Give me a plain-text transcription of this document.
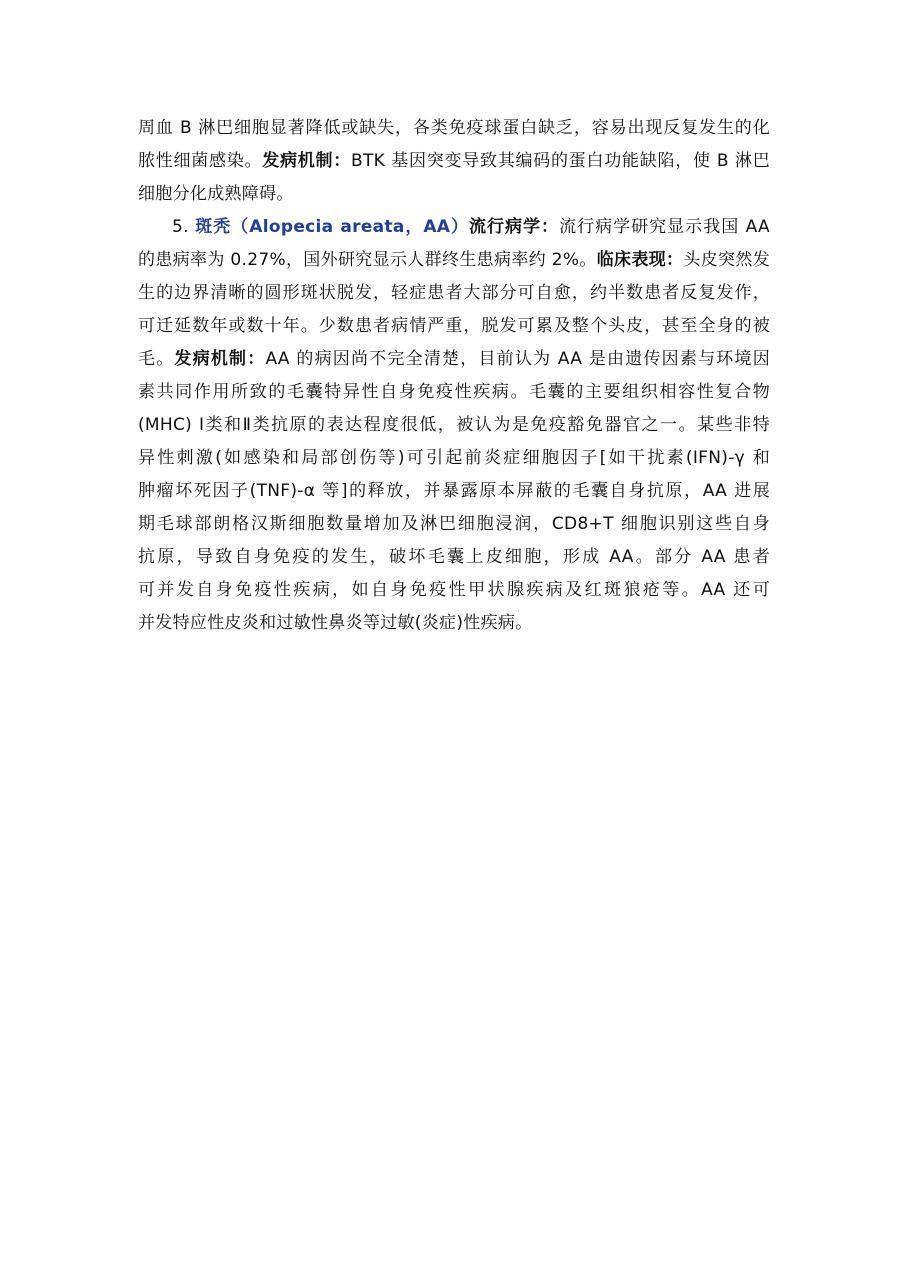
周血 B 淋巴细胞显著降低或缺失，各类免疫球蛋白缺乏，容易出现反复发生的化
脓性细菌感染。发病机制：BTK 基因突变导致其编码的蛋白功能缺陷，使 B 淋巴
细胞分化成熟障碍。
5. 斑秃（Alopecia areata，AA）流行病学：流行病学研究显示我国 AA
的患病率为 0.27%，国外研究显示人群终生患病率约 2%。临床表现：头皮突然发
生的边界清晰的圆形斑状脱发，轻症患者大部分可自愈，约半数患者反复发作，
可迁延数年或数十年。少数患者病情严重，脱发可累及整个头皮，甚至全身的被
毛。发病机制：AA 的病因尚不完全清楚，目前认为 AA 是由遗传因素与环境因
素共同作用所致的毛囊特异性自身免疫性疾病。毛囊的主要组织相容性复合物
(MHC) Ⅰ类和Ⅱ类抗原的表达程度很低，被认为是免疫豁免器官之一。某些非特
异性刺激(如感染和局部创伤等)可引起前炎症细胞因子[如干扰素(IFN)-γ 和
肿瘤坏死因子(TNF)-α 等]的释放，并暴露原本屏蔽的毛囊自身抗原，AA 进展
期毛球部朗格汉斯细胞数量增加及淋巴细胞浸润，CD8+T 细胞识别这些自身
抗原，导致自身免疫的发生，破坏毛囊上皮细胞，形成 AA。部分 AA 患者
可并发自身免疫性疾病，如自身免疫性甲状腺疾病及红斑狼疮等。AA 还可
并发特应性皮炎和过敏性鼻炎等过敏(炎症)性疾病。
